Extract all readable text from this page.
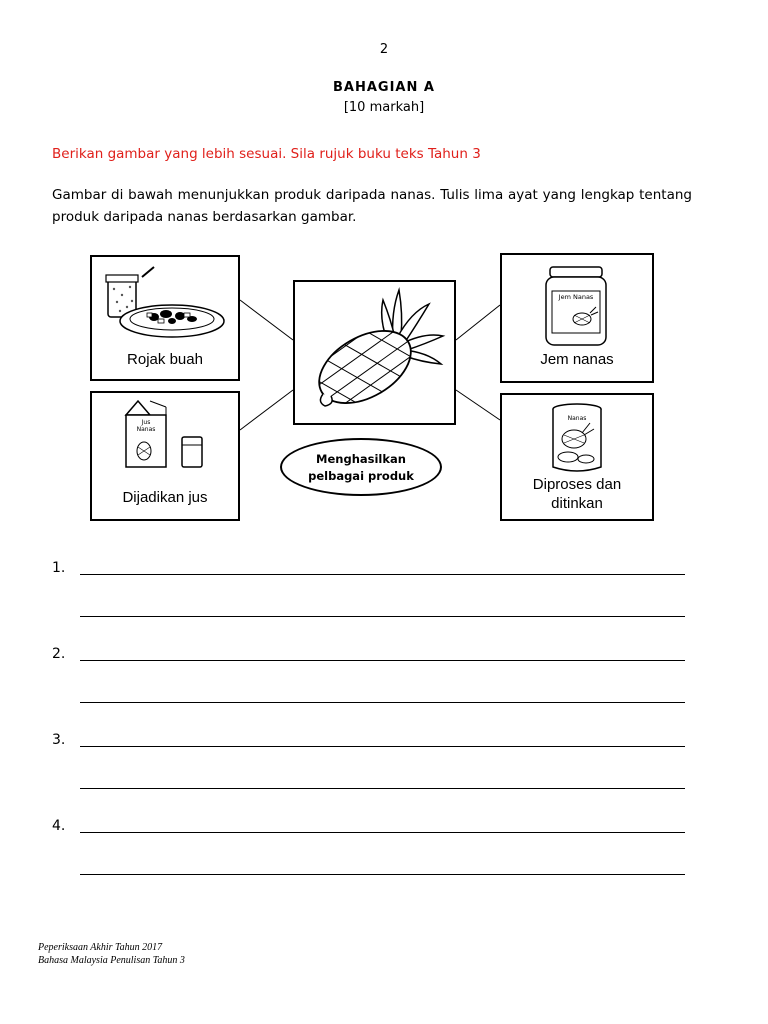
2
BAHAGIAN A
[10 markah]
Berikan gambar yang lebih sesuai. Sila rujuk buku teks Tahun 3
Gambar di bawah menunjukkan produk daripada nanas. Tulis lima ayat yang lengkap tentang produk daripada nanas berdasarkan gambar.
Rojak buah
Jus
Nanas
Dijadikan jus
Menghasilkan
pelbagai produk
Jem Nanas
Jem nanas
Nanas
Diproses dan
ditinkan
1.
2.
3.
4.
Peperiksaan Akhir Tahun 2017
Bahasa Malaysia Penulisan Tahun 3
